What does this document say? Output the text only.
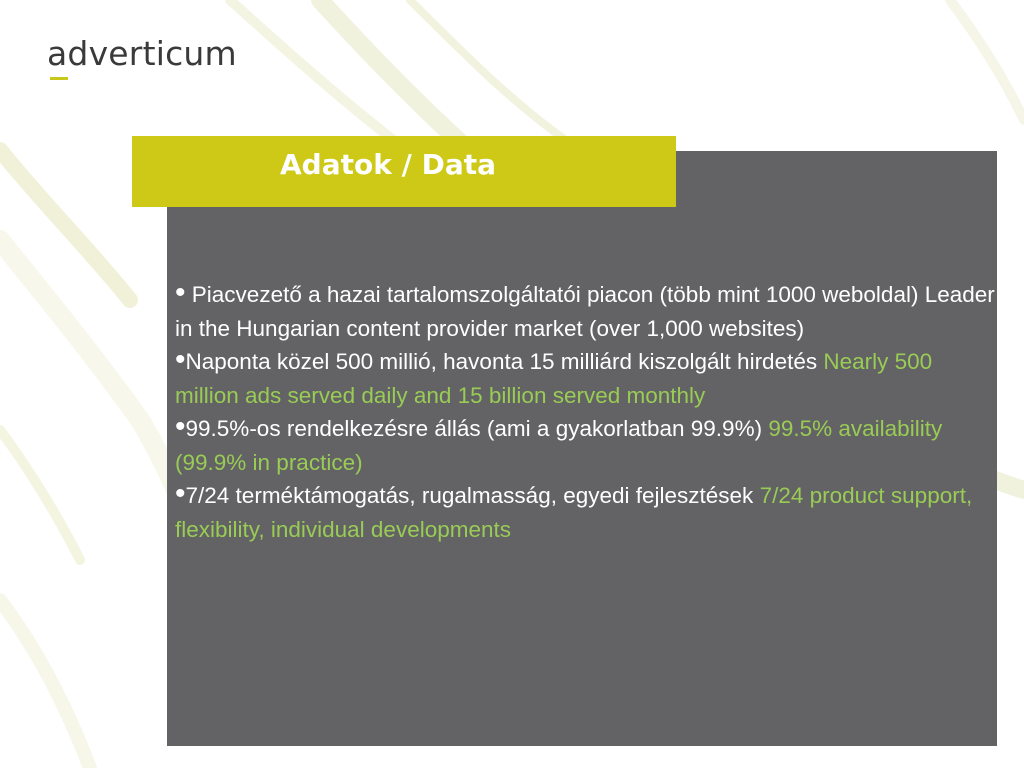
adverticum
Adatok / Data
• Piacvezető a hazai tartalomszolgáltatói piacon (több mint 1000 weboldal) Leader in the Hungarian content provider market (over 1,000 websites)
•Naponta közel 500 millió, havonta 15 milliárd kiszolgált hirdetés Nearly 500 million ads served daily and 15 billion served monthly
•99.5%-os rendelkezésre állás (ami a gyakorlatban 99.9%) 99.5% availability (99.9% in practice)
•7/24 terméktámogatás, rugalmasság, egyedi fejlesztések 7/24 product support, flexibility, individual developments
